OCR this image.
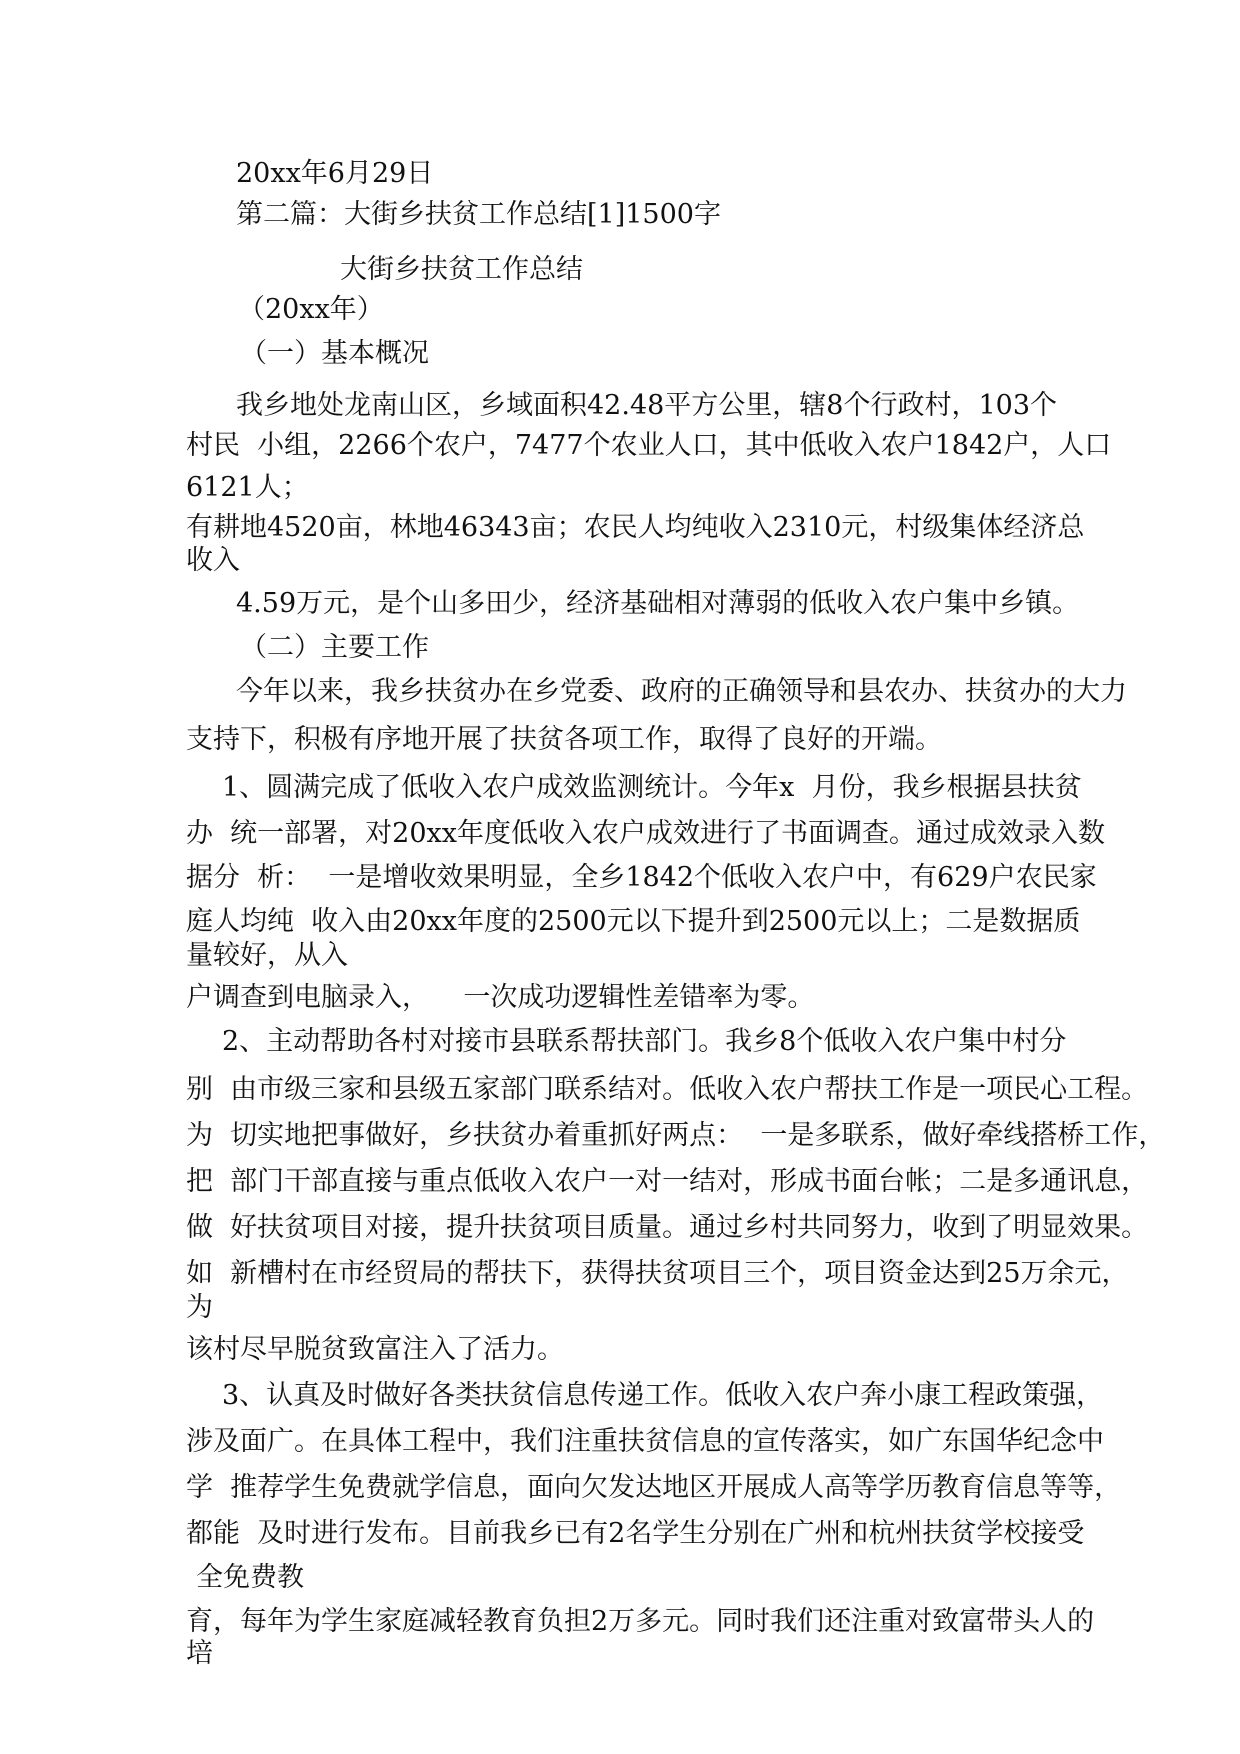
20xx年6月29日

第二篇：大街乡扶贫工作总结[1]1500字

大街乡扶贫工作总结

（20xx年）

（一）基本概况

我乡地处龙南山区，乡域面积42.48平方公里，辖8个行政村，103个

村民  小组，2266个农户，7477个农业人口，其中低收入农户1842户，人口

6121人；

有耕地4520亩，林地46343亩；农民人均纯收入2310元，村级集体经济总

收入

4.59万元，是个山多田少，经济基础相对薄弱的低收入农户集中乡镇。

（二）主要工作

今年以来，我乡扶贫办在乡党委、政府的正确领导和县农办、扶贫办的大力

支持下，积极有序地开展了扶贫各项工作，取得了良好的开端。

1、圆满完成了低收入农户成效监测统计。今年x  月份，我乡根据县扶贫

办  统一部署，对20xx年度低收入农户成效进行了书面调查。通过成效录入数

据分  析：  一是增收效果明显，全乡1842个低收入农户中，有629户农民家

庭人均纯  收入由20xx年度的2500元以下提升到2500元以上；二是数据质

量较好，从入

户调查到电脑录入，    一次成功逻辑性差错率为零。

2、主动帮助各村对接市县联系帮扶部门。我乡8个低收入农户集中村分

别  由市级三家和县级五家部门联系结对。低收入农户帮扶工作是一项民心工程。

为  切实地把事做好，乡扶贫办着重抓好两点：  一是多联系，做好牵线搭桥工作，

把  部门干部直接与重点低收入农户一对一结对，形成书面台帐；二是多通讯息，

做  好扶贫项目对接，提升扶贫项目质量。通过乡村共同努力，收到了明显效果。

如  新槽村在市经贸局的帮扶下，获得扶贫项目三个，项目资金达到25万余元，

为

该村尽早脱贫致富注入了活力。

3、认真及时做好各类扶贫信息传递工作。低收入农户奔小康工程政策强，

涉及面广。在具体工程中，我们注重扶贫信息的宣传落实，如广东国华纪念中

学  推荐学生免费就学信息，面向欠发达地区开展成人高等学历教育信息等等，

都能  及时进行发布。目前我乡已有2名学生分别在广州和杭州扶贫学校接受

全免费教

育，每年为学生家庭减轻教育负担2万多元。同时我们还注重对致富带头人的

培
